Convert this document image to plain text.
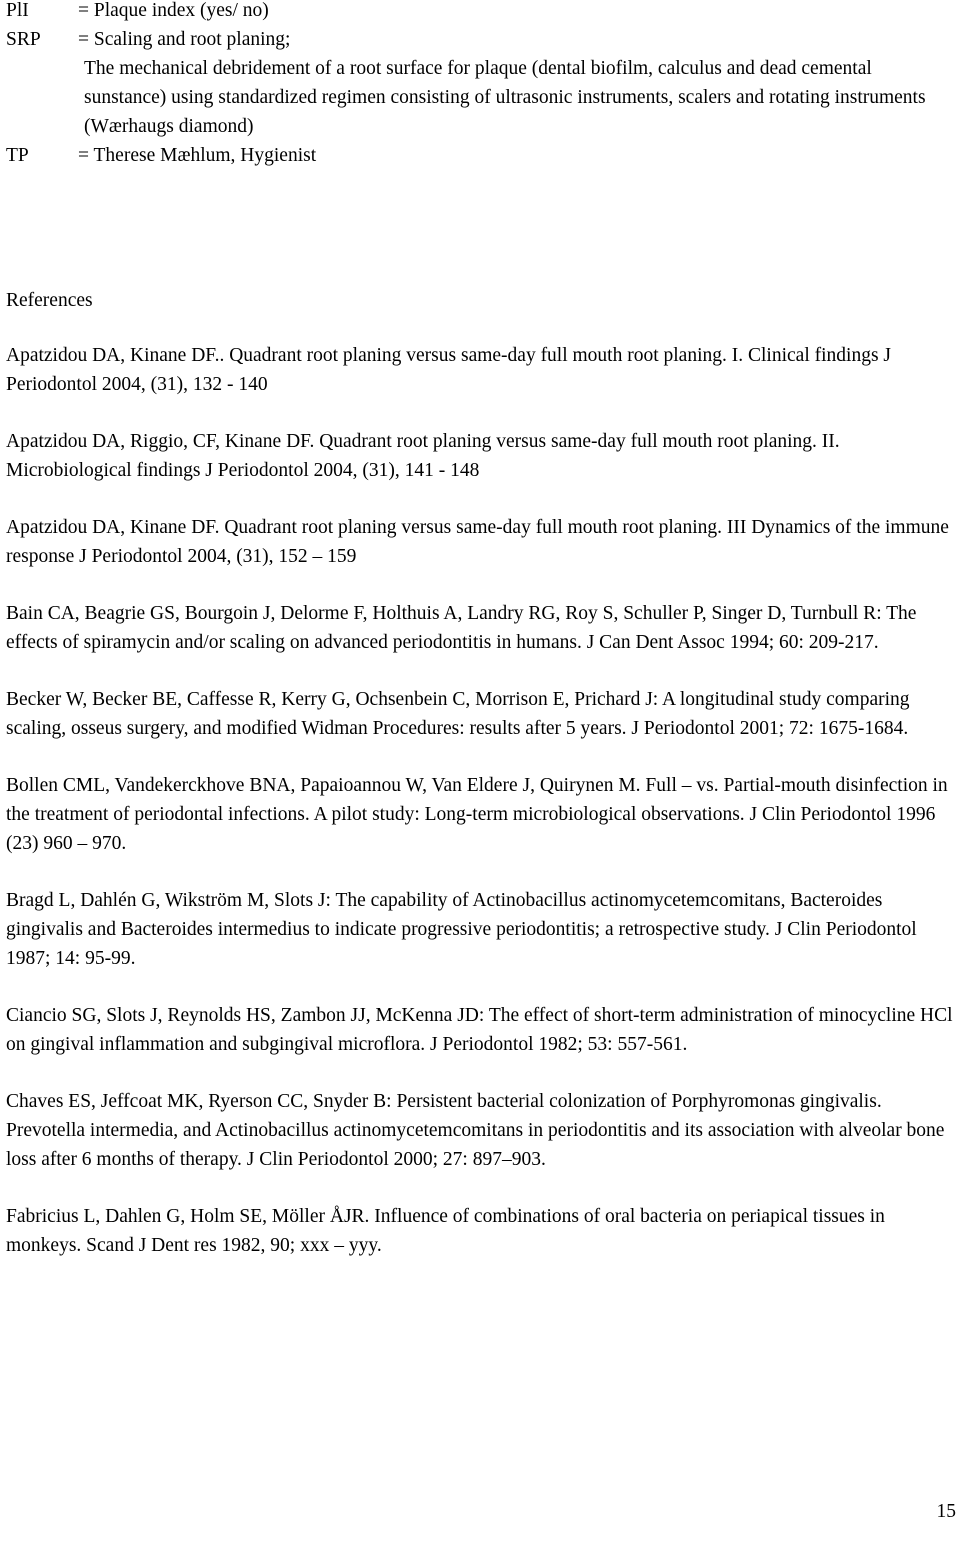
PlI	= Plaque index (yes/ no)
SRP	= Scaling and root planing;
The mechanical debridement of a root surface for plaque (dental biofilm, calculus and dead cemental sunstance) using standardized regimen consisting of ultrasonic instruments, scalers and rotating instruments (Wærhaugs diamond)
TP	= Therese Mæhlum, Hygienist
References

Apatzidou DA, Kinane DF.. Quadrant root planing versus same-day full mouth root planing. I. Clinical findings J Periodontol 2004, (31), 132 - 140

Apatzidou DA, Riggio, CF, Kinane DF. Quadrant root planing versus same-day full mouth root planing. II. Microbiological findings J Periodontol 2004, (31), 141 - 148

Apatzidou DA, Kinane DF. Quadrant root planing versus same-day full mouth root planing. III Dynamics of the immune response J Periodontol 2004, (31), 152 – 159

Bain CA, Beagrie GS, Bourgoin J, Delorme F, Holthuis A, Landry RG, Roy S, Schuller P, Singer D, Turnbull R: The effects of spiramycin and/or scaling on advanced periodontitis in humans. J Can Dent Assoc 1994; 60: 209-217.

Becker W, Becker BE, Caffesse R, Kerry G, Ochsenbein C, Morrison E, Prichard J: A longitudinal study comparing scaling, osseus surgery, and modified Widman Procedures: results after 5 years. J Periodontol 2001; 72: 1675-1684.

Bollen CML, Vandekerckhove BNA, Papaioannou W, Van Eldere J, Quirynen M. Full – vs. Partial-mouth disinfection in the treatment of periodontal infections. A pilot study: Long-term microbiological observations. J Clin Periodontol 1996 (23) 960 – 970.

Bragd L, Dahlén G, Wikström M, Slots J: The capability of Actinobacillus actinomycetemcomitans, Bacteroides gingivalis and Bacteroides intermedius to indicate progressive periodontitis; a retrospective study. J Clin Periodontol 1987; 14: 95-99.

Ciancio SG, Slots J, Reynolds HS, Zambon JJ, McKenna JD: The effect of short-term administration of minocycline HCl on gingival inflammation and subgingival microflora. J Periodontol 1982; 53: 557-561.

Chaves ES, Jeffcoat MK, Ryerson CC, Snyder B: Persistent bacterial colonization of Porphyromonas gingivalis. Prevotella intermedia, and Actinobacillus actinomycetemcomitans in periodontitis and its association with alveolar bone loss after 6 months of therapy. J Clin Periodontol 2000; 27: 897–903.

Fabricius L, Dahlen G, Holm SE, Möller ÅJR. Influence of combinations of oral bacteria on periapical tissues in monkeys. Scand J Dent res 1982, 90; xxx – yyy.

15
